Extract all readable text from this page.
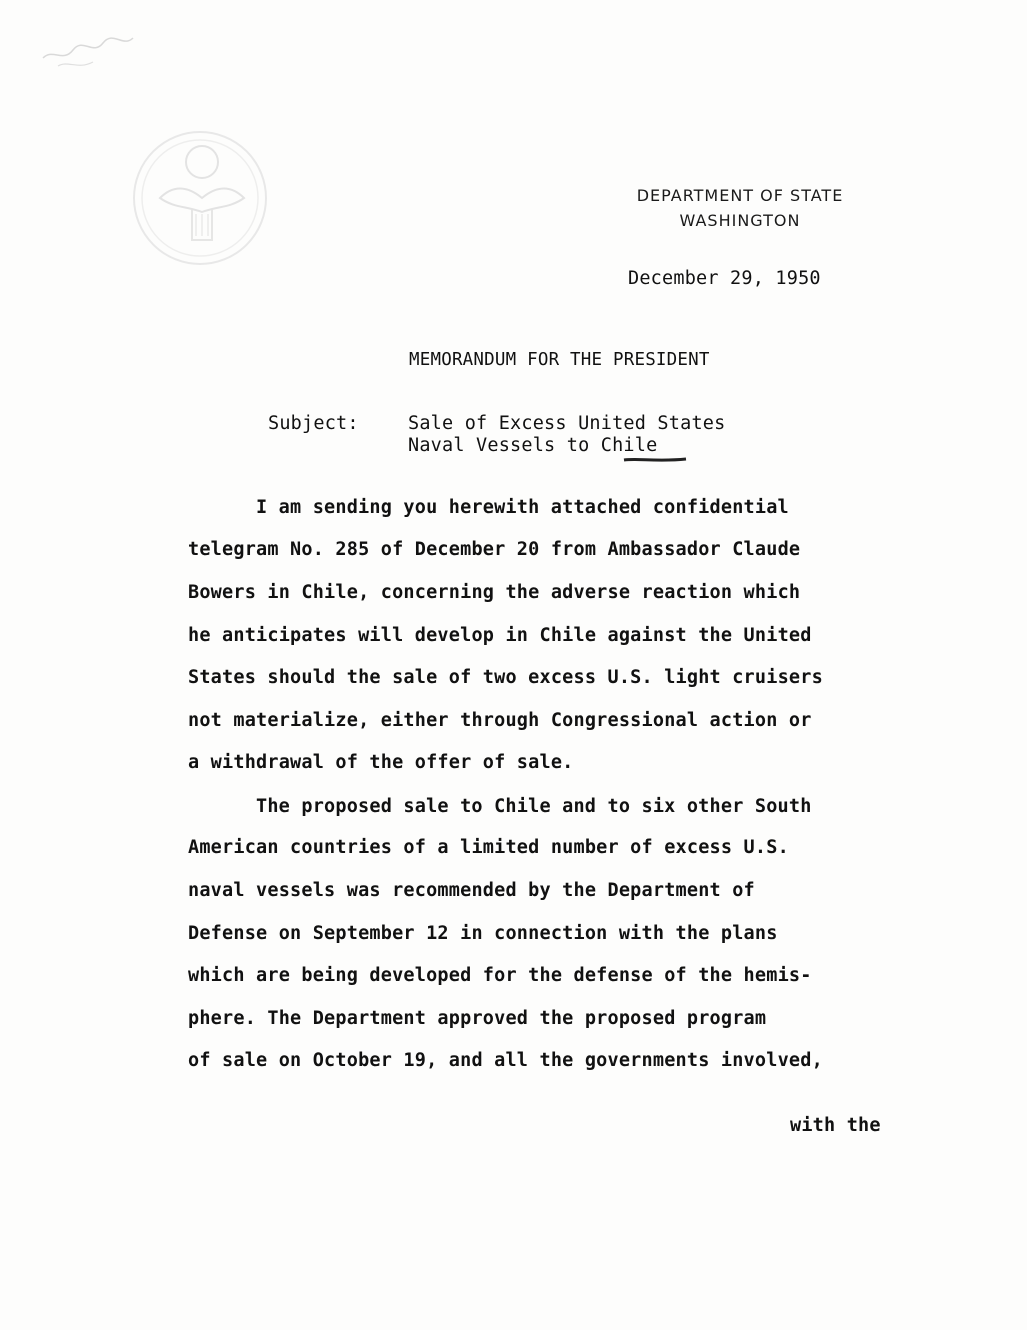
DEPARTMENT OF STATE
WASHINGTON
December 29, 1950
MEMORANDUM FOR THE PRESIDENT
Subject:	Sale of Excess United States
Naval Vessels to Chile
I am sending you herewith attached confidential
telegram No. 285 of December 20 from Ambassador Claude
Bowers in Chile, concerning the adverse reaction which
he anticipates will develop in Chile against the United
States should the sale of two excess U.S. light cruisers
not materialize, either through Congressional action or
a withdrawal of the offer of sale.
The proposed sale to Chile and to six other South
American countries of a limited number of excess U.S.
naval vessels was recommended by the Department of
Defense on September 12 in connection with the plans
which are being developed for the defense of the hemis-
phere. The Department approved the proposed program
of sale on October 19, and all the governments involved,
with the
